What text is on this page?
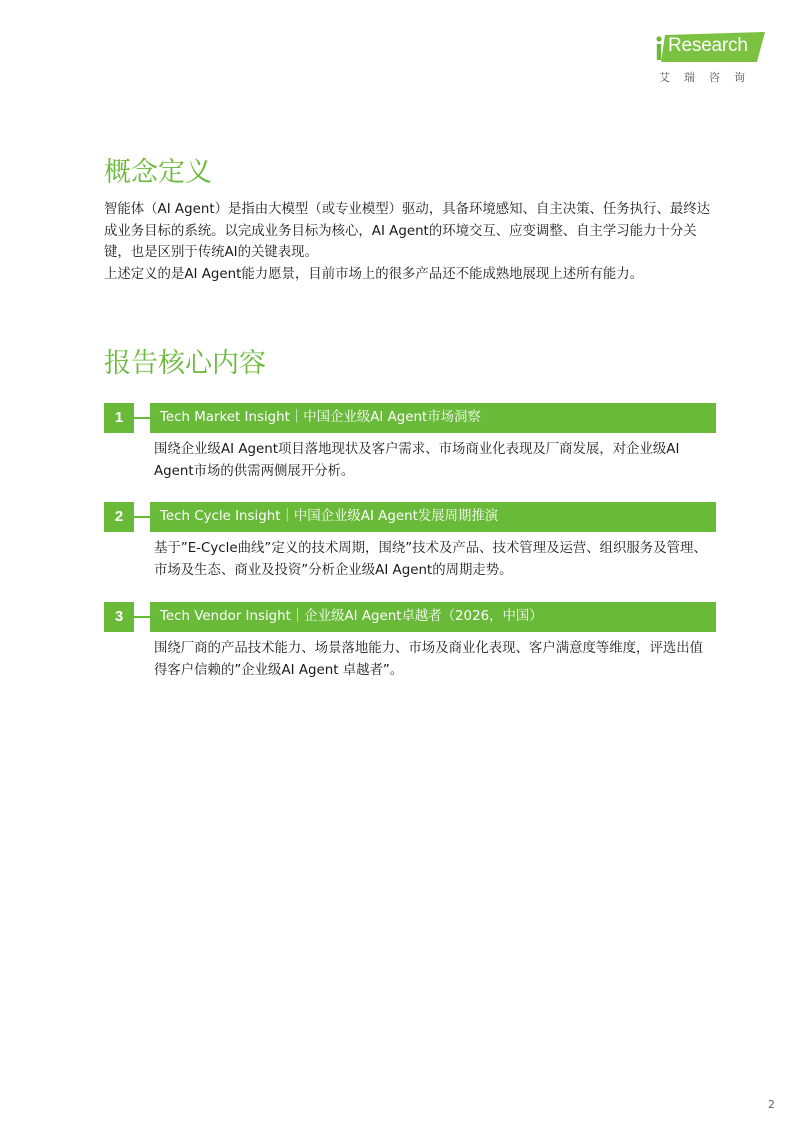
Research
艾瑞咨询
概念定义

智能体（AI Agent）是指由大模型（或专业模型）驱动，具备环境感知、自主决策、任务执行、最终达成业务目标的系统。以完成业务目标为核心，AI Agent的环境交互、应变调整、自主学习能力十分关键，也是区别于传统AI的关键表现。

上述定义的是AI Agent能力愿景，目前市场上的很多产品还不能成熟地展现上述所有能力。

报告核心内容
1	Tech Market Insight｜中国企业级AI Agent市场洞察

围绕企业级AI Agent项目落地现状及客户需求、市场商业化表现及厂商发展，对企业级AI Agent市场的供需两侧展开分析。

2	Tech Cycle Insight｜中国企业级AI Agent发展周期推演

基于”E-Cycle曲线”定义的技术周期，围绕”技术及产品、技术管理及运营、组织服务及管理、市场及生态、商业及投资”分析企业级AI Agent的周期走势。

3	Tech Vendor Insight｜企业级AI Agent卓越者（2026，中国）

围绕厂商的产品技术能力、场景落地能力、市场及商业化表现、客户满意度等维度，评选出值得客户信赖的”企业级AI Agent 卓越者”。

2
